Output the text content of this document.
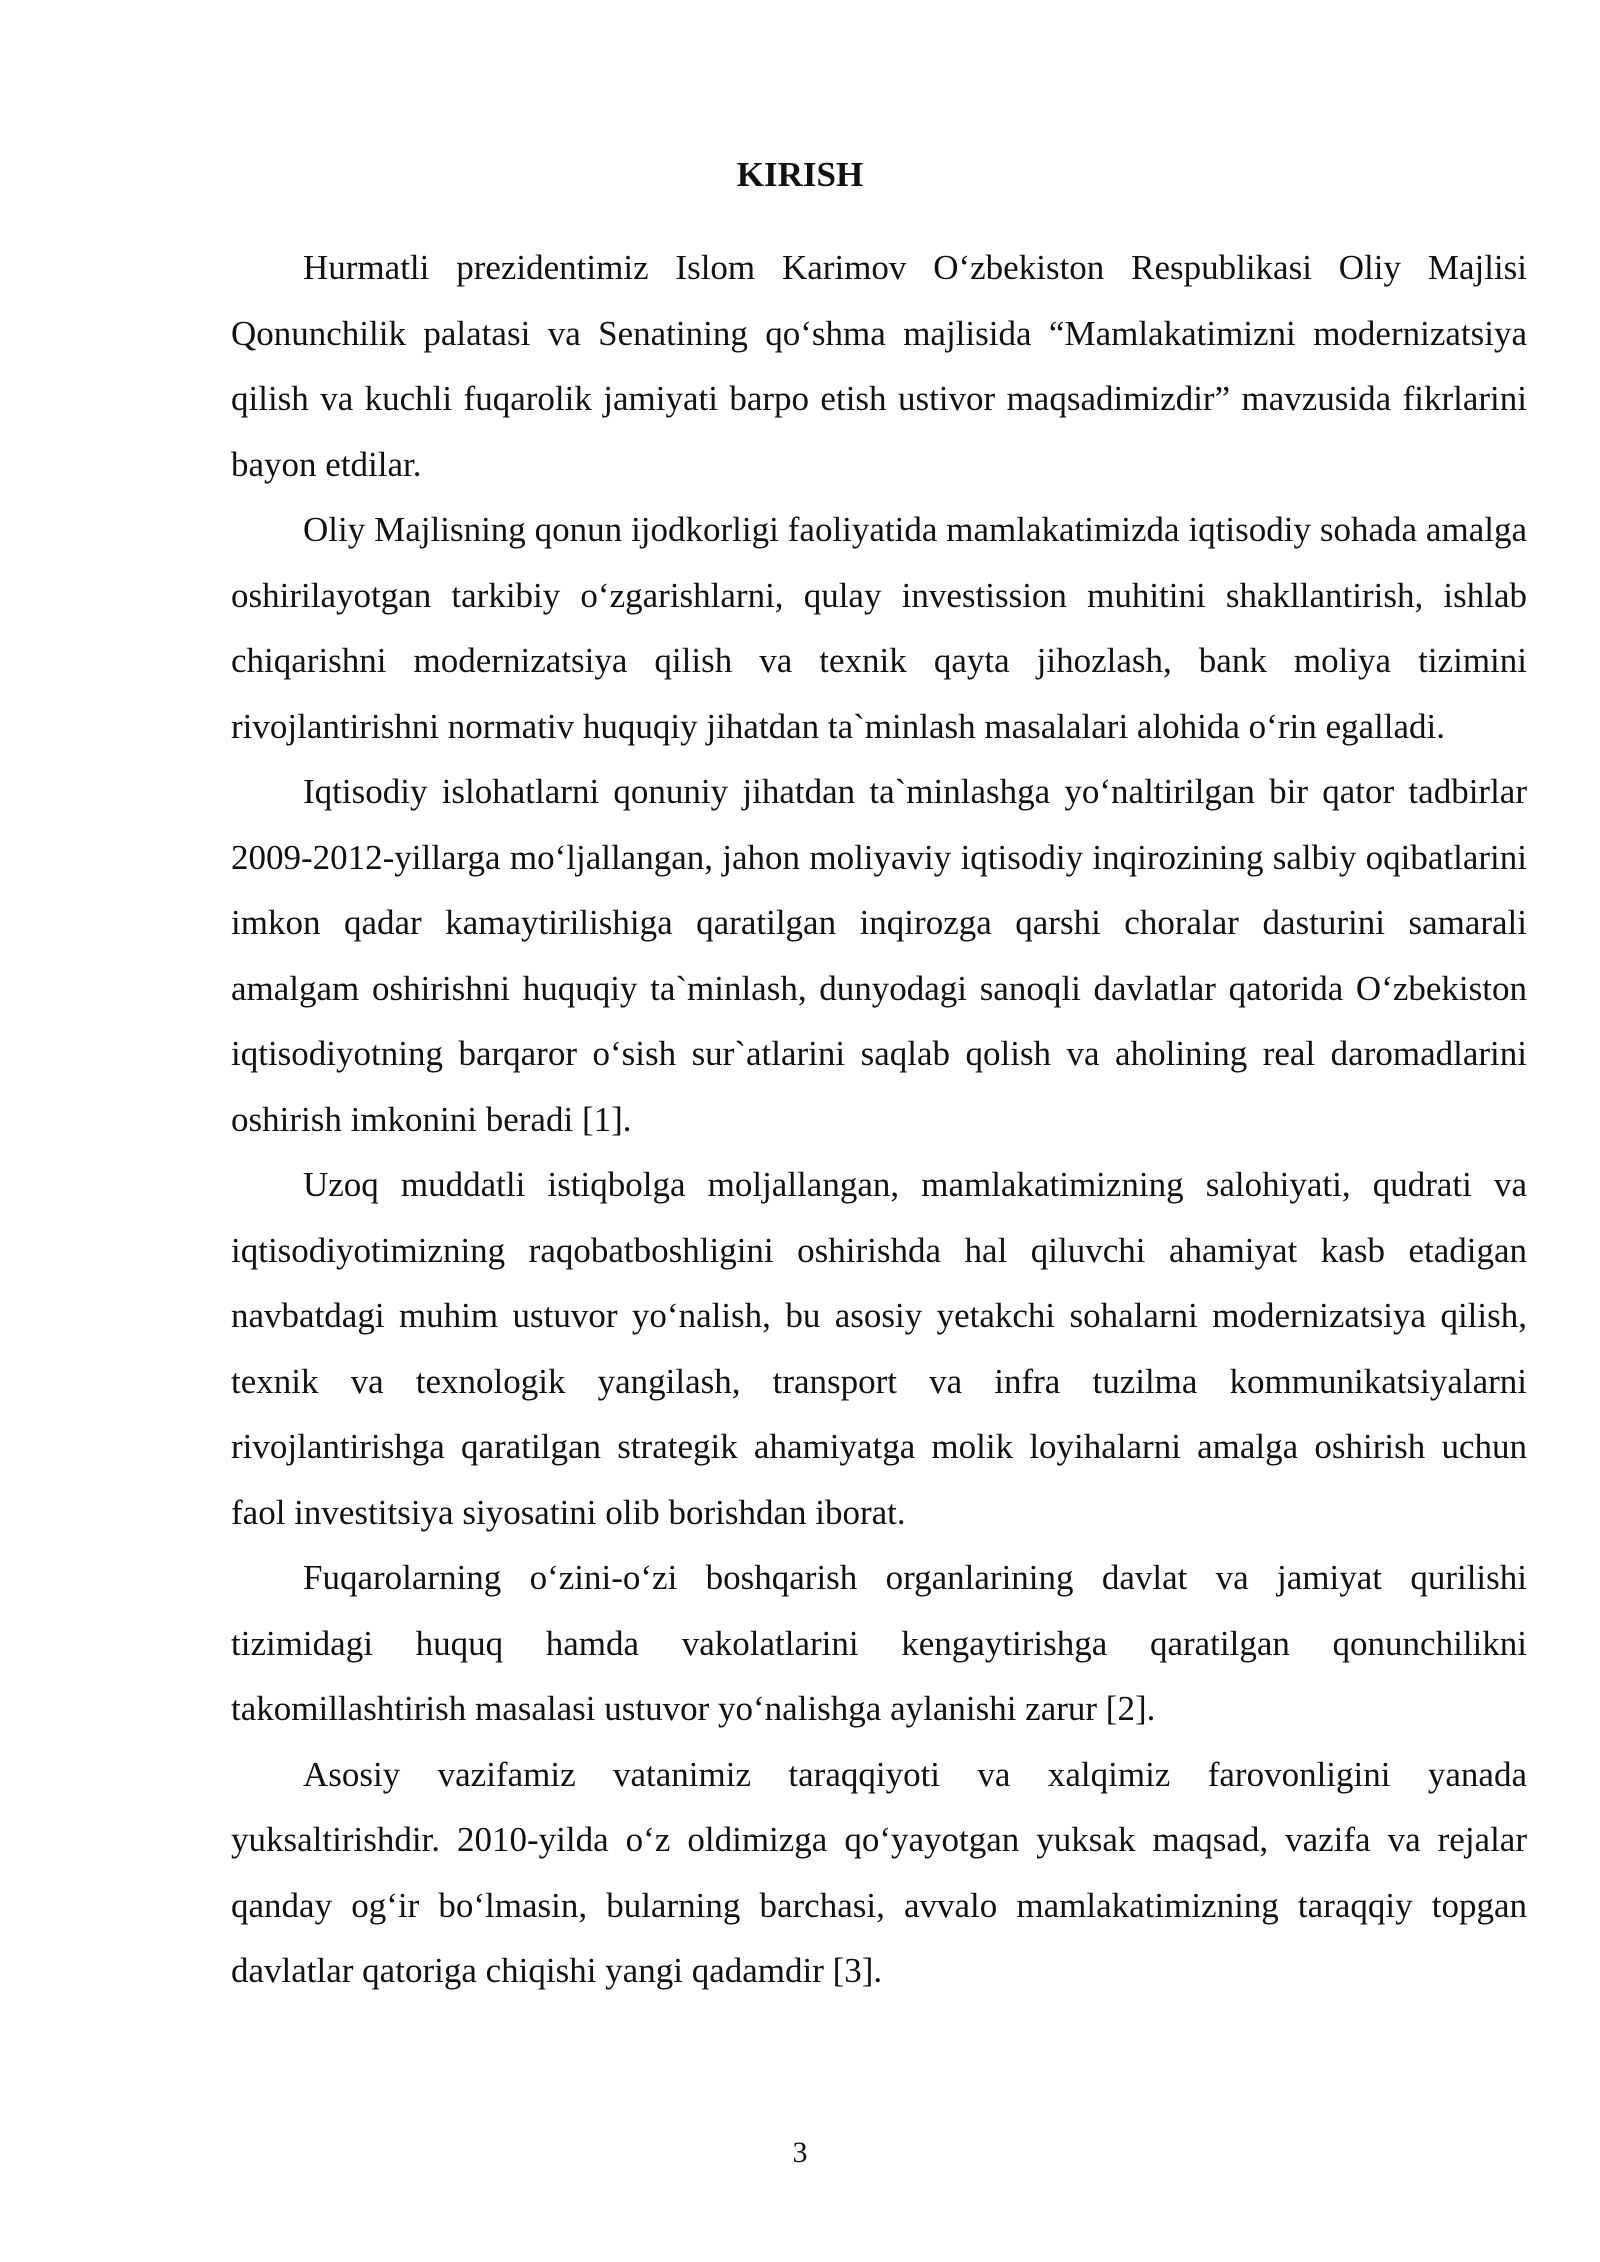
KIRISH

Hurmatli prezidentimiz Islom Karimov O‘zbekiston Respublikasi Oliy Majlisi Qonunchilik palatasi va Senatining qo‘shma majlisida “Mamlakatimizni modernizatsiya qilish va kuchli fuqarolik jamiyati barpo etish ustivor maqsadimizdir” mavzusida fikrlarini bayon etdilar.

Oliy Majlisning qonun ijodkorligi faoliyatida mamlakatimizda iqtisodiy sohada amalga oshirilayotgan tarkibiy o‘zgarishlarni, qulay investission muhitini shakllantirish, ishlab chiqarishni modernizatsiya qilish va texnik qayta jihozlash, bank moliya tizimini rivojlantirishni normativ huquqiy jihatdan ta`minlash masalalari alohida o‘rin egalladi.

Iqtisodiy islohatlarni qonuniy jihatdan ta`minlashga yo‘naltirilgan bir qator tadbirlar 2009-2012-yillarga mo‘ljallangan, jahon moliyaviy iqtisodiy inqirozining salbiy oqibatlarini imkon qadar kamaytirilishiga qaratilgan inqirozga qarshi choralar dasturini samarali amalgam oshirishni huquqiy ta`minlash, dunyodagi sanoqli davlatlar qatorida O‘zbekiston iqtisodiyotning barqaror o‘sish sur`atlarini saqlab qolish va aholining real daromadlarini oshirish imkonini beradi [1].

Uzoq muddatli istiqbolga moljallangan, mamlakatimizning salohiyati, qudrati va iqtisodiyotimizning raqobatboshligini oshirishda hal qiluvchi ahamiyat kasb etadigan navbatdagi muhim ustuvor yo‘nalish, bu asosiy yetakchi sohalarni modernizatsiya qilish, texnik va texnologik yangilash, transport va infra tuzilma kommunikatsiyalarni rivojlantirishga qaratilgan strategik ahamiyatga molik loyihalarni amalga oshirish uchun faol investitsiya siyosatini olib borishdan iborat.

Fuqarolarning o‘zini-o‘zi boshqarish organlarining davlat va jamiyat qurilishi tizimidagi huquq hamda vakolatlarini kengaytirishga qaratilgan qonunchilikni takomillashtirish masalasi ustuvor yo‘nalishga aylanishi zarur [2].

Asosiy vazifamiz vatanimiz taraqqiyoti va xalqimiz farovonligini yanada yuksaltirishdir. 2010-yilda o‘z oldimizga qo‘yayotgan yuksak maqsad, vazifa va rejalar qanday og‘ir bo‘lmasin, bularning barchasi, avvalo mamlakatimizning taraqqiy topgan davlatlar qatoriga chiqishi yangi qadamdir [3].

3
